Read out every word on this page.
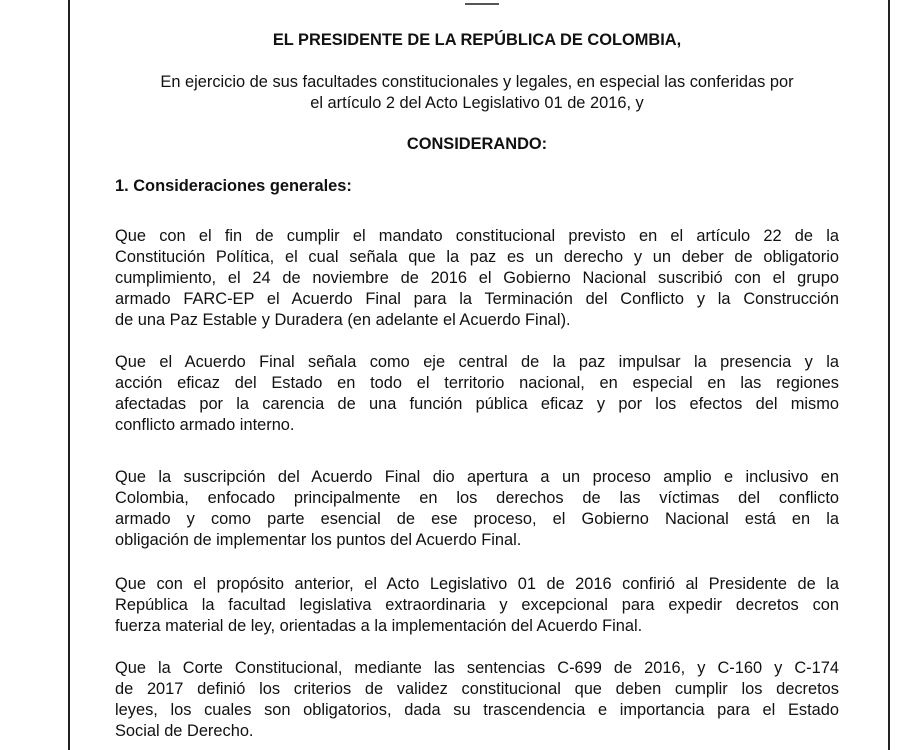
EL PRESIDENTE DE LA REPÚBLICA DE COLOMBIA,
En ejercicio de sus facultades constitucionales y legales, en especial las conferidas por
el artículo 2 del Acto Legislativo 01 de 2016, y
CONSIDERANDO:
1. Consideraciones generales:
Que con el fin de cumplir el mandato constitucional previsto en el artículo 22 de la
Constitución Política, el cual señala que la paz es un derecho y un deber de obligatorio
cumplimiento, el 24 de noviembre de 2016 el Gobierno Nacional suscribió con el grupo
armado FARC-EP el Acuerdo Final para la Terminación del Conflicto y la Construcción
de una Paz Estable y Duradera (en adelante el Acuerdo Final).
Que el Acuerdo Final señala como eje central de la paz impulsar la presencia y la
acción eficaz del Estado en todo el territorio nacional, en especial en las regiones
afectadas por la carencia de una función pública eficaz y por los efectos del mismo
conflicto armado interno.
Que la suscripción del Acuerdo Final dio apertura a un proceso amplio e inclusivo en
Colombia, enfocado principalmente en los derechos de las víctimas del conflicto
armado y como parte esencial de ese proceso, el Gobierno Nacional está en la
obligación de implementar los puntos del Acuerdo Final.
Que con el propósito anterior, el Acto Legislativo 01 de 2016 confirió al Presidente de la
República la facultad legislativa extraordinaria y excepcional para expedir decretos con
fuerza material de ley, orientadas a la implementación del Acuerdo Final.
Que la Corte Constitucional, mediante las sentencias C-699 de 2016, y C-160 y C-174
de 2017 definió los criterios de validez constitucional que deben cumplir los decretos
leyes, los cuales son obligatorios, dada su trascendencia e importancia para el Estado
Social de Derecho.
